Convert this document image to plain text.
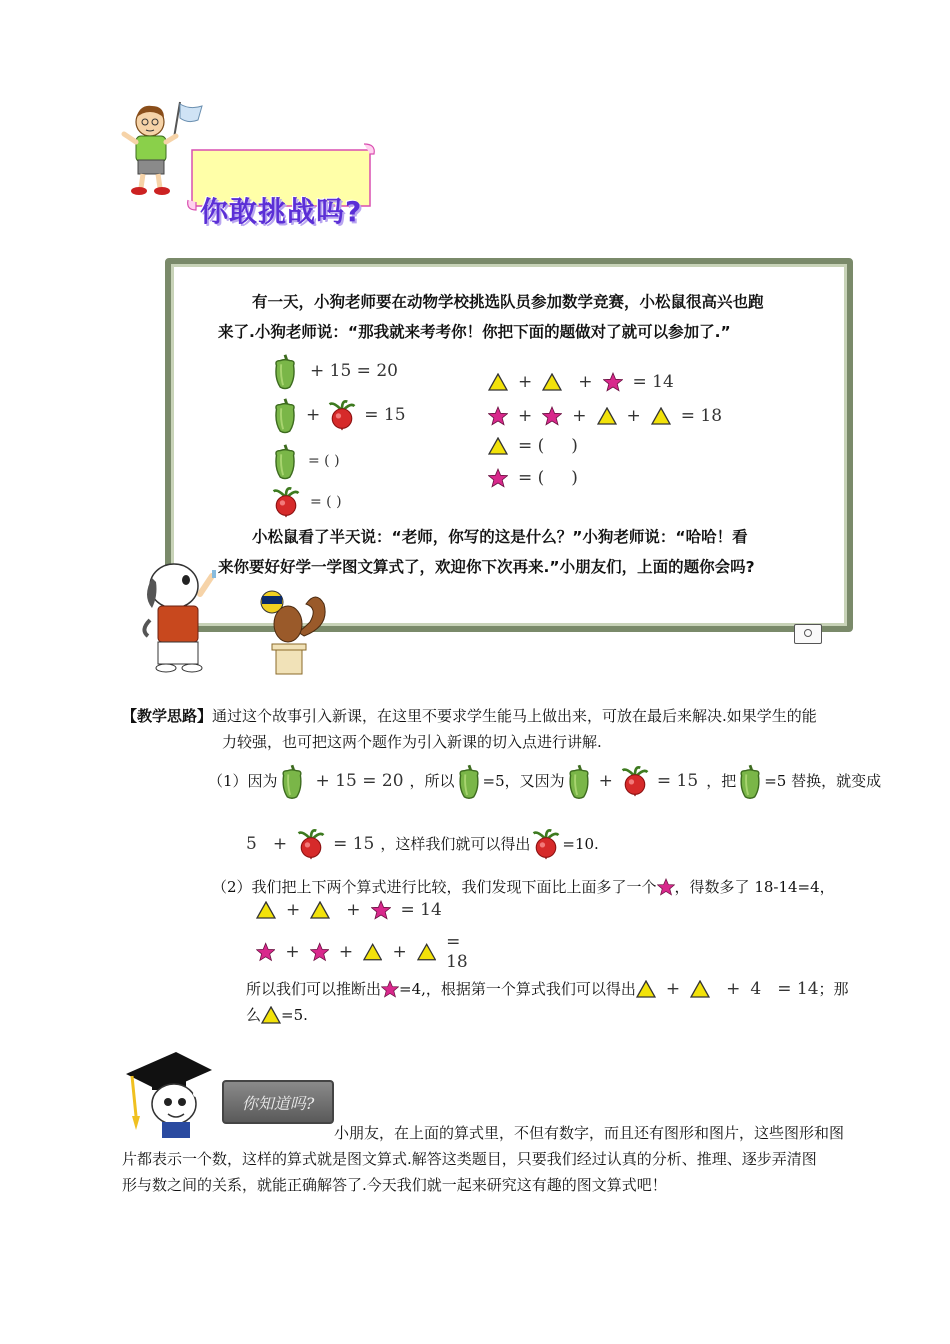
你敢挑战吗?
有一天，小狗老师要在动物学校挑选队员参加数学竞赛，小松鼠很高兴也跑
来了.小狗老师说：“那我就来考考你！你把下面的题做对了就可以参加了.”
+ 15 = 20
+	= 15
= ( )
= ( )
+	+ = 14
+ + + = 18
= (     )
= (     )
小松鼠看了半天说：“老师，你写的这是什么？”小狗老师说：“哈哈！看
来你要好好学一学图文算式了，欢迎你下次再来.”小朋友们，上面的题你会吗?
【教学思路】通过这个故事引入新课，在这里不要求学生能马上做出来，可放在最后来解决.如果学生的能
力较强，也可把这两个题作为引入新课的切入点进行讲解.
（1）因为 + 15 = 20 ，所以 =5，又因为 +	= 15 ，把 =5 替换，就变成
5 +	= 15 ，这样我们就可以得出 =10.
（2）我们把上下两个算式进行比较，我们发现下面比上面多了一个 ，得数多了 18-14=4，
+	+ = 14
+ + + = 18
所以我们可以推断出 =4,，根据第一个算式我们可以得出 +	+ 4 = 14 ；那
么 =5.
你知道吗?
小朋友，在上面的算式里，不但有数字，而且还有图形和图片，这些图形和图
片都表示一个数，这样的算式就是图文算式.解答这类题目，只要我们经过认真的分析、推理、逐步弄清图
形与数之间的关系，就能正确解答了.今天我们就一起来研究这有趣的图文算式吧！
